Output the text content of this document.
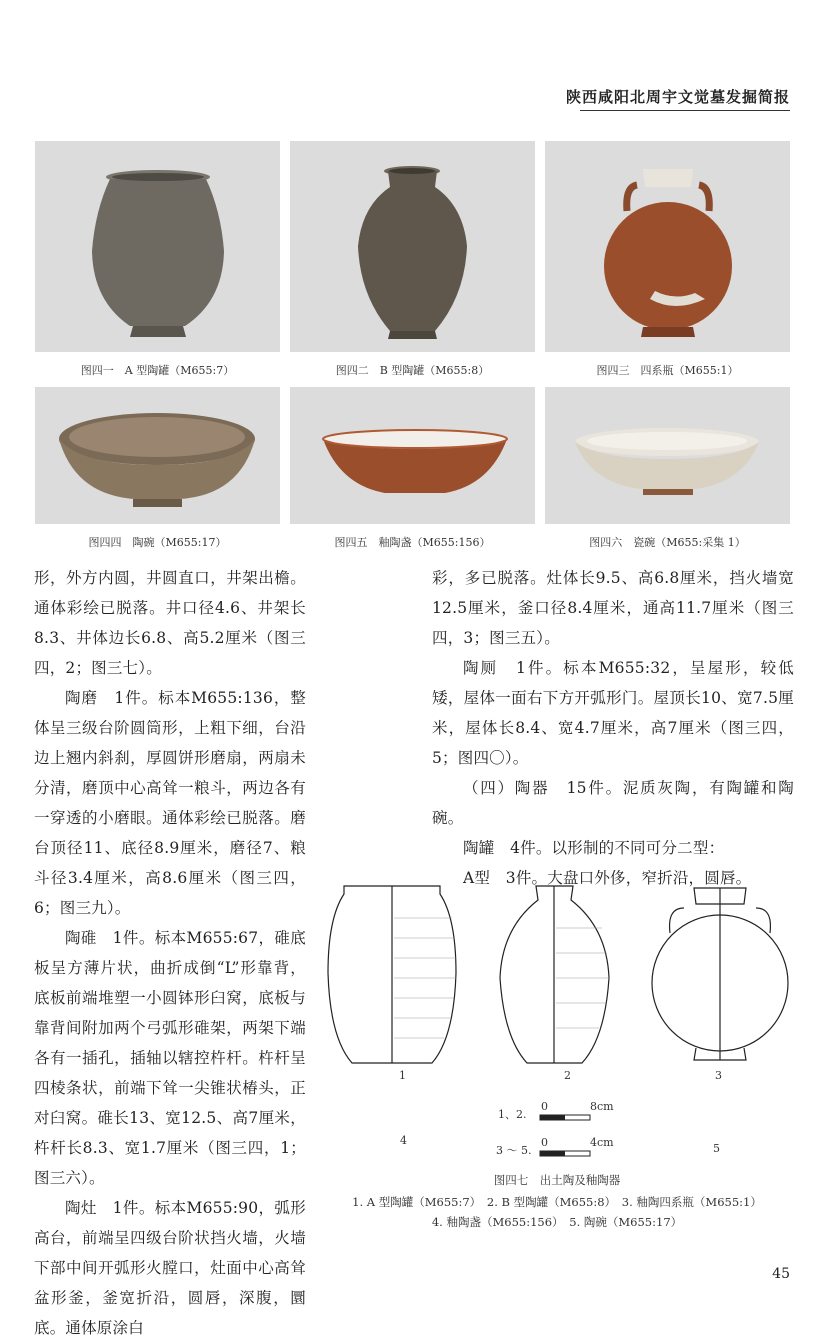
陕西咸阳北周宇文觉墓发掘简报
图四一　A 型陶罐（M655:7）	图四二　B 型陶罐（M655:8）	图四三　四系瓶（M655:1）
图四四　陶碗（M655:17）	图四五　釉陶盏（M655:156）	图四六　瓷碗（M655:采集 1）

形，外方内圆，井圆直口，井架出檐。通体彩绘已脱落。井口径4.6、井架长8.3、井体边长6.8、高5.2厘米（图三四，2；图三七）。

陶磨　1件。标本M655:136，整体呈三级台阶圆筒形，上粗下细，台沿边上翘内斜刹，厚圆饼形磨扇，两扇未分清，磨顶中心高耸一粮斗，两边各有一穿透的小磨眼。通体彩绘已脱落。磨台顶径11、底径8.9厘米，磨径7、粮斗径3.4厘米，高8.6厘米（图三四，6；图三九）。

陶碓　1件。标本M655:67，碓底板呈方薄片状，曲折成倒“L”形靠背，底板前端堆塑一小圆钵形臼窝，底板与靠背间附加两个弓弧形碓架，两架下端各有一插孔，插轴以辖控杵杆。杵杆呈四棱条状，前端下耸一尖锥状椿头，正对臼窝。碓长13、宽12.5、高7厘米，杵杆长8.3、宽1.7厘米（图三四，1；图三六）。

陶灶　1件。标本M655:90，弧形高台，前端呈四级台阶状挡火墙，火墙下部中间开弧形火膛口，灶面中心高耸盆形釜，釜宽折沿，圆唇，深腹，圜底。通体原涂白

彩，多已脱落。灶体长9.5、高6.8厘米，挡火墙宽12.5厘米，釜口径8.4厘米，通高11.7厘米（图三四，3；图三五）。

陶厕　1件。标本M655:32，呈屋形，较低矮，屋体一面右下方开弧形门。屋顶长10、宽7.5厘米，屋体长8.4、宽4.7厘米，高7厘米（图三四，5；图四〇）。

（四）陶器　15件。泥质灰陶，有陶罐和陶碗。

陶罐　4件。以形制的不同可分二型：

A型　3件。大盘口外侈，窄折沿，圆唇。

1	2	3
4
5
1、2.
0	8cm
3 ～ 5.
0	4cm
图四七　出土陶及釉陶器
1. A 型陶罐（M655:7）　2. B 型陶罐（M655:8）　3. 釉陶四系瓶（M655:1）
4. 釉陶盏（M655:156）　5. 陶碗（M655:17）
45
